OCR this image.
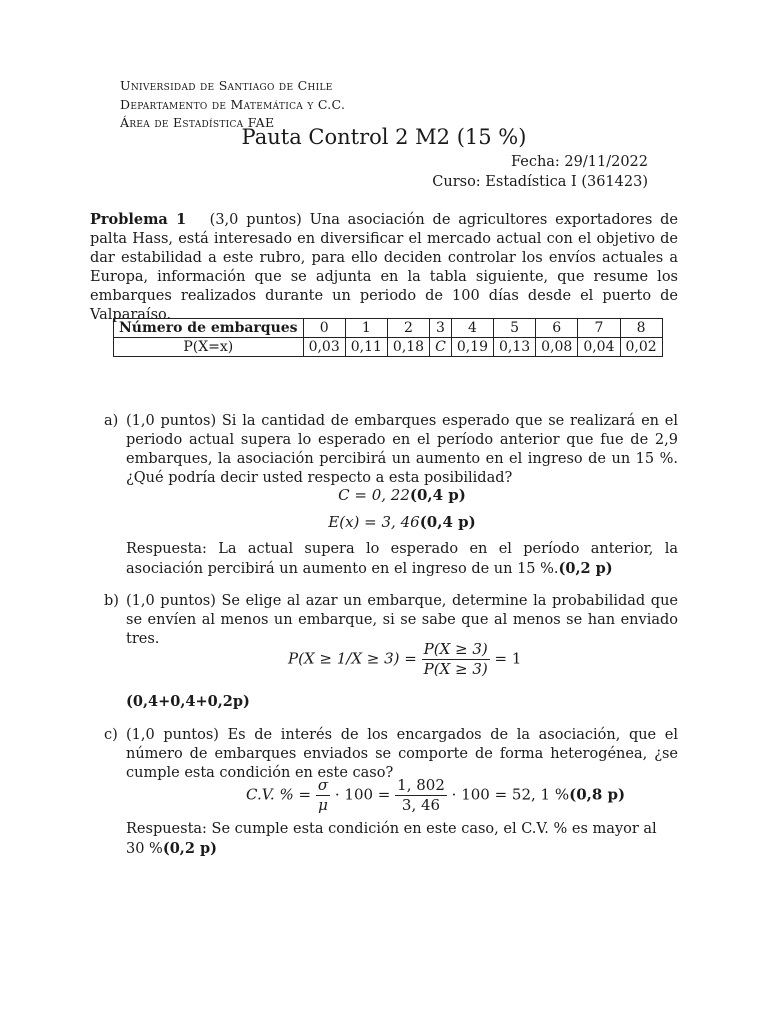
Universidad de Santiago de Chile
Departamento de Matemática y C.C.
Área de Estadística FAE
Pauta Control 2 M2 (15 %)
Fecha: 29/11/2022
Curso: Estadística I (361423)
Problema 1 (3,0 puntos) Una asociación de agricultores exportadores de palta Hass, está interesado en diversificar el mercado actual con el objetivo de dar estabilidad a este rubro, para ello deciden controlar los envíos actuales a Europa, información que se adjunta en la tabla siguiente, que resume los embarques realizados durante un periodo de 100 días desde el puerto de Valparaíso.
Número de embarques	0	1	2	3	4	5	6	7	8
P(X=x)	0,03	0,11	0,18	C	0,19	0,13	0,08	0,04	0,02
a) (1,0 puntos) Si la cantidad de embarques esperado que se realizará en el periodo actual supera lo esperado en el período anterior que fue de 2,9 embarques, la asociación percibirá un aumento en el ingreso de un 15 %. ¿Qué podría decir usted respecto a esta posibilidad?
C = 0, 22(0,4 p)
E(x) = 3, 46(0,4 p)
Respuesta: La actual supera lo esperado en el período anterior, la asociación percibirá un aumento en el ingreso de un 15 %.(0,2 p)
b) (1,0 puntos) Se elige al azar un embarque, determine la probabilidad que se envíen al menos un embarque, si se sabe que al menos se han enviado tres.
$P(X \ge 1/X \ge 3) = \frac{P(X \ge 3)}{P(X \ge 3)} = 1$
(0,4+0,4+0,2p)
c) (1,0 puntos) Es de interés de los encargados de la asociación, que el número de embarques enviados se comporte de forma heterogénea, ¿se cumple esta condición en este caso?
C.V. % = $\frac{\sigma}{\mu} \cdot 100 = \frac{1, 802}{3, 46} \cdot 100 = 52$, 1 %(0,8 p)
Respuesta: Se cumple esta condición en este caso, el C.V. % es mayor al 30 %(0,2 p)
